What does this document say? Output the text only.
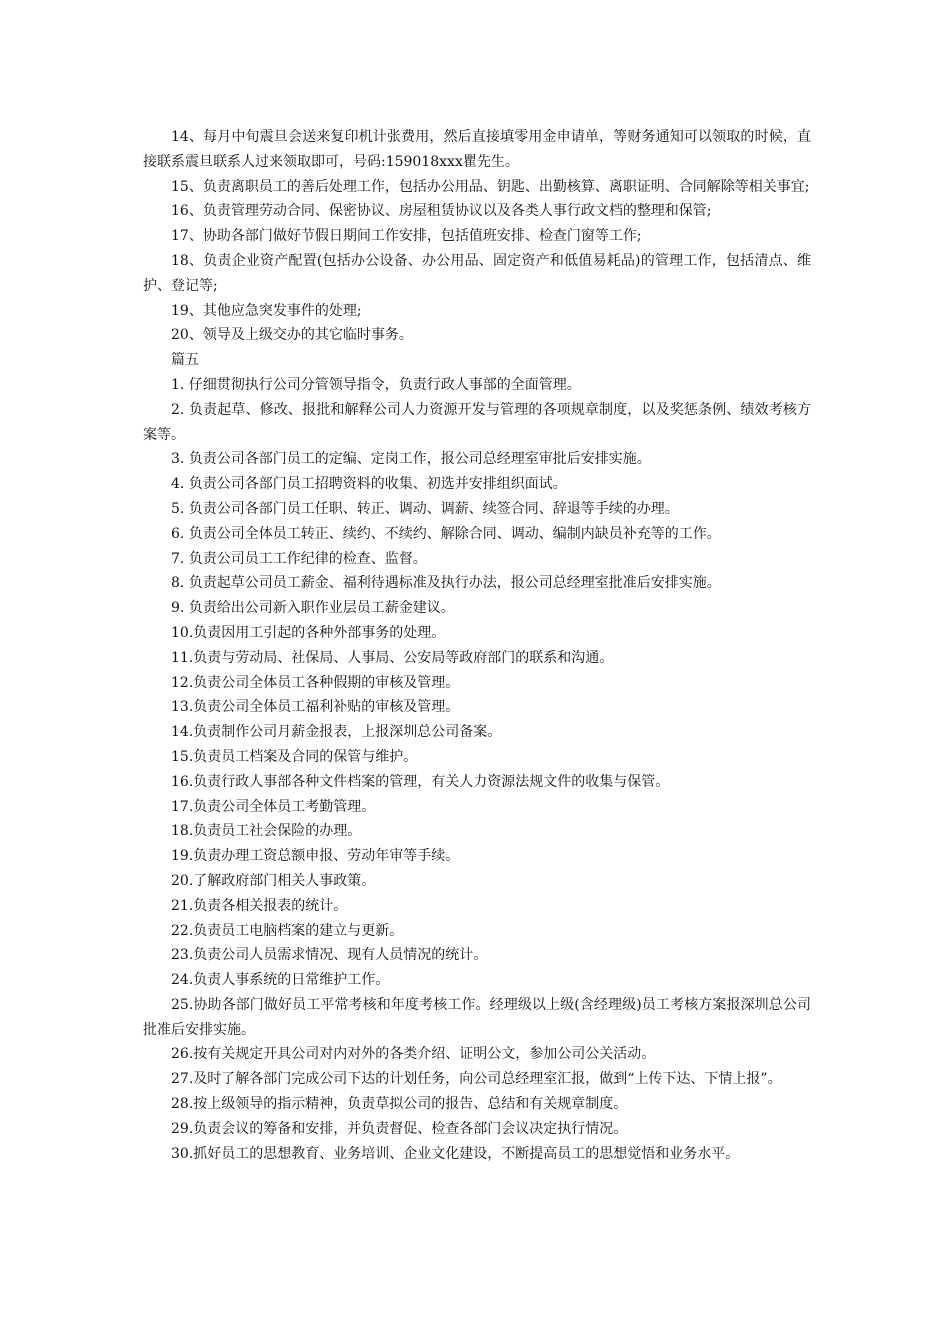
14、每月中旬震旦会送来复印机计张费用，然后直接填零用金申请单，等财务通知可以领取的时候，直接联系震旦联系人过来领取即可，号码:159018xxx瞿先生。

15、负责离职员工的善后处理工作，包括办公用品、钥匙、出勤核算、离职证明、合同解除等相关事宜;

16、负责管理劳动合同、保密协议、房屋租赁协议以及各类人事行政文档的整理和保管;

17、协助各部门做好节假日期间工作安排，包括值班安排、检查门窗等工作;

18、负责企业资产配置(包括办公设备、办公用品、固定资产和低值易耗品)的管理工作，包括清点、维护、登记等;

19、其他应急突发事件的处理;

20、领导及上级交办的其它临时事务。

篇五

1. 仔细贯彻执行公司分管领导指令，负责行政人事部的全面管理。

2. 负责起草、修改、报批和解释公司人力资源开发与管理的各项规章制度，以及奖惩条例、绩效考核方案等。

3. 负责公司各部门员工的定编、定岗工作，报公司总经理室审批后安排实施。

4. 负责公司各部门员工招聘资料的收集、初选并安排组织面试。

5. 负责公司各部门员工任职、转正、调动、调薪、续签合同、辞退等手续的办理。

6. 负责公司全体员工转正、续约、不续约、解除合同、调动、编制内缺员补充等的工作。

7. 负责公司员工工作纪律的检查、监督。

8. 负责起草公司员工薪金、福利待遇标准及执行办法，报公司总经理室批准后安排实施。

9. 负责给出公司新入职作业层员工薪金建议。

10.负责因用工引起的各种外部事务的处理。

11.负责与劳动局、社保局、人事局、公安局等政府部门的联系和沟通。

12.负责公司全体员工各种假期的审核及管理。

13.负责公司全体员工福利补贴的审核及管理。

14.负责制作公司月薪金报表，上报深圳总公司备案。

15.负责员工档案及合同的保管与维护。

16.负责行政人事部各种文件档案的管理，有关人力资源法规文件的收集与保管。

17.负责公司全体员工考勤管理。

18.负责员工社会保险的办理。

19.负责办理工资总额申报、劳动年审等手续。

20.了解政府部门相关人事政策。

21.负责各相关报表的统计。

22.负责员工电脑档案的建立与更新。

23.负责公司人员需求情况、现有人员情况的统计。

24.负责人事系统的日常维护工作。

25.协助各部门做好员工平常考核和年度考核工作。经理级以上级(含经理级)员工考核方案报深圳总公司批准后安排实施。

26.按有关规定开具公司对内对外的各类介绍、证明公文，参加公司公关活动。

27.及时了解各部门完成公司下达的计划任务，向公司总经理室汇报，做到“上传下达、下情上报”。

28.按上级领导的指示精神，负责草拟公司的报告、总结和有关规章制度。

29.负责会议的筹备和安排，并负责督促、检查各部门会议决定执行情况。

30.抓好员工的思想教育、业务培训、企业文化建设，不断提高员工的思想觉悟和业务水平。
